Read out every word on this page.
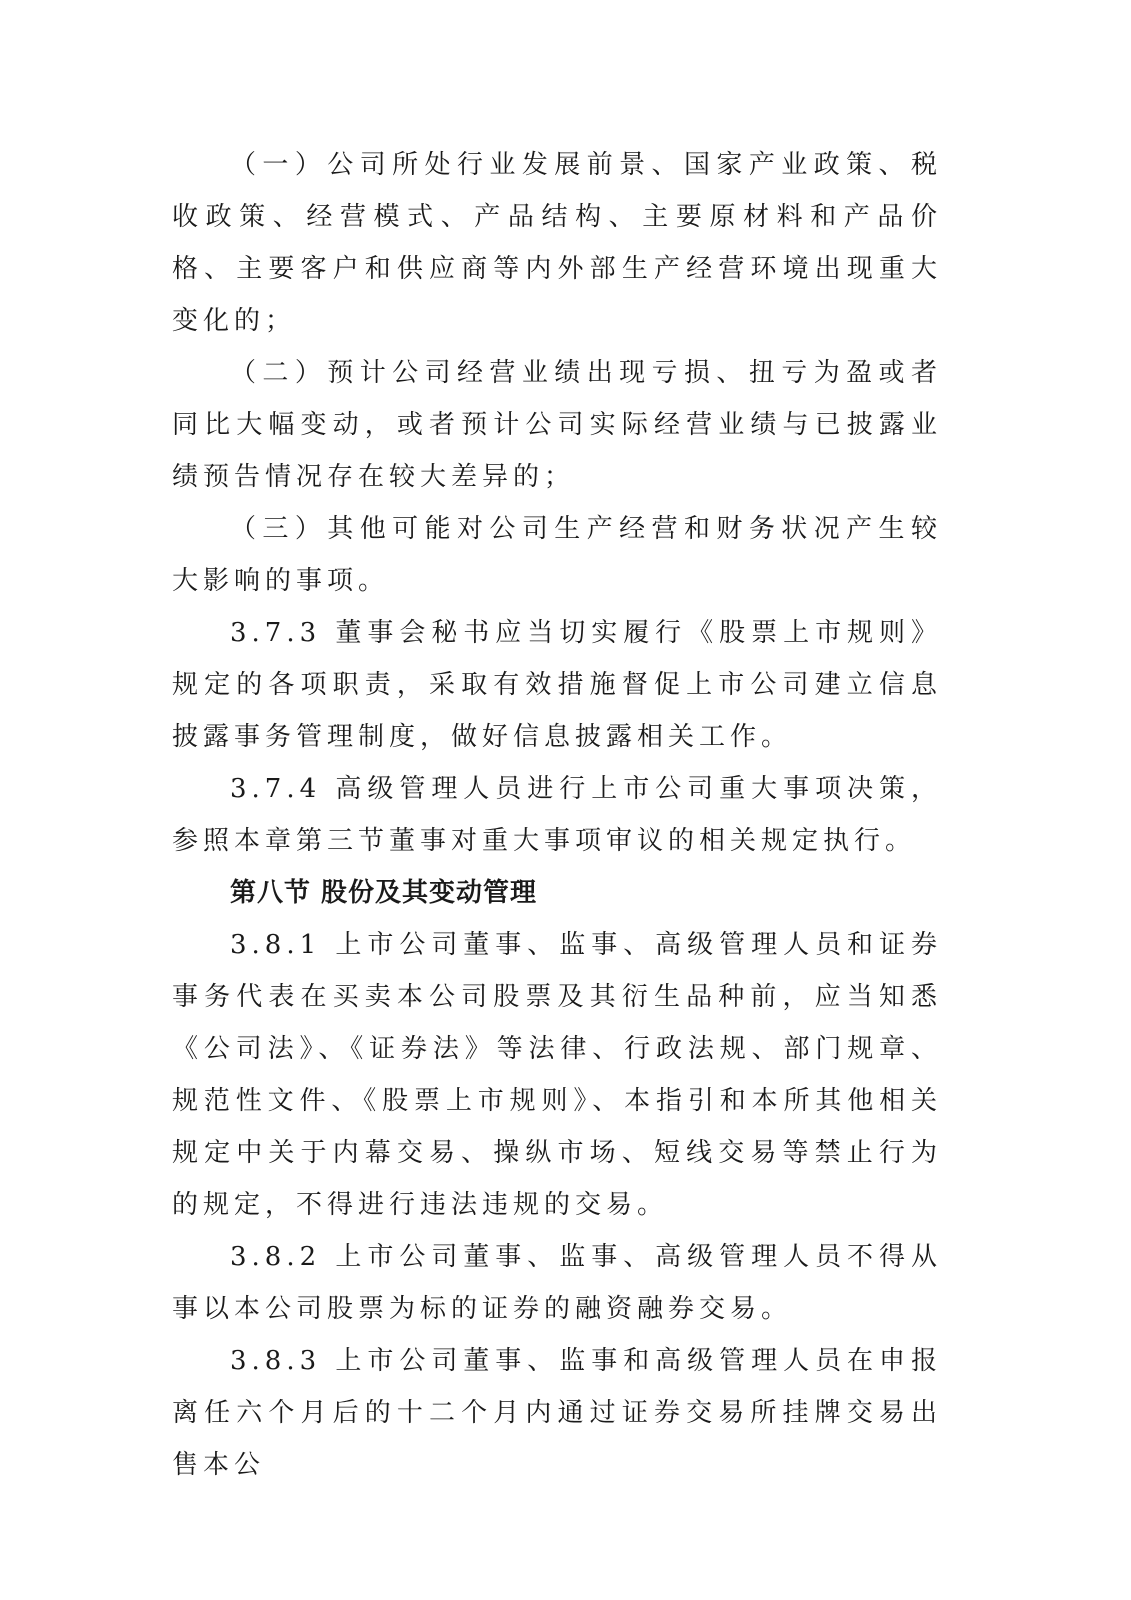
（一）公司所处行业发展前景、国家产业政策、税收政策、经营模式、产品结构、主要原材料和产品价格、主要客户和供应商等内外部生产经营环境出现重大变化的；

（二）预计公司经营业绩出现亏损、扭亏为盈或者同比大幅变动，或者预计公司实际经营业绩与已披露业绩预告情况存在较大差异的；

（三）其他可能对公司生产经营和财务状况产生较大影响的事项。

3.7.3 董事会秘书应当切实履行《股票上市规则》规定的各项职责，采取有效措施督促上市公司建立信息披露事务管理制度，做好信息披露相关工作。

3.7.4 高级管理人员进行上市公司重大事项决策，参照本章第三节董事对重大事项审议的相关规定执行。

第八节 股份及其变动管理

3.8.1 上市公司董事、监事、高级管理人员和证券事务代表在买卖本公司股票及其衍生品种前，应当知悉《公司法》、《证券法》等法律、行政法规、部门规章、规范性文件、《股票上市规则》、本指引和本所其他相关规定中关于内幕交易、操纵市场、短线交易等禁止行为的规定，不得进行违法违规的交易。

3.8.2 上市公司董事、监事、高级管理人员不得从事以本公司股票为标的证券的融资融券交易。

3.8.3 上市公司董事、监事和高级管理人员在申报离任六个月后的十二个月内通过证券交易所挂牌交易出售本公
